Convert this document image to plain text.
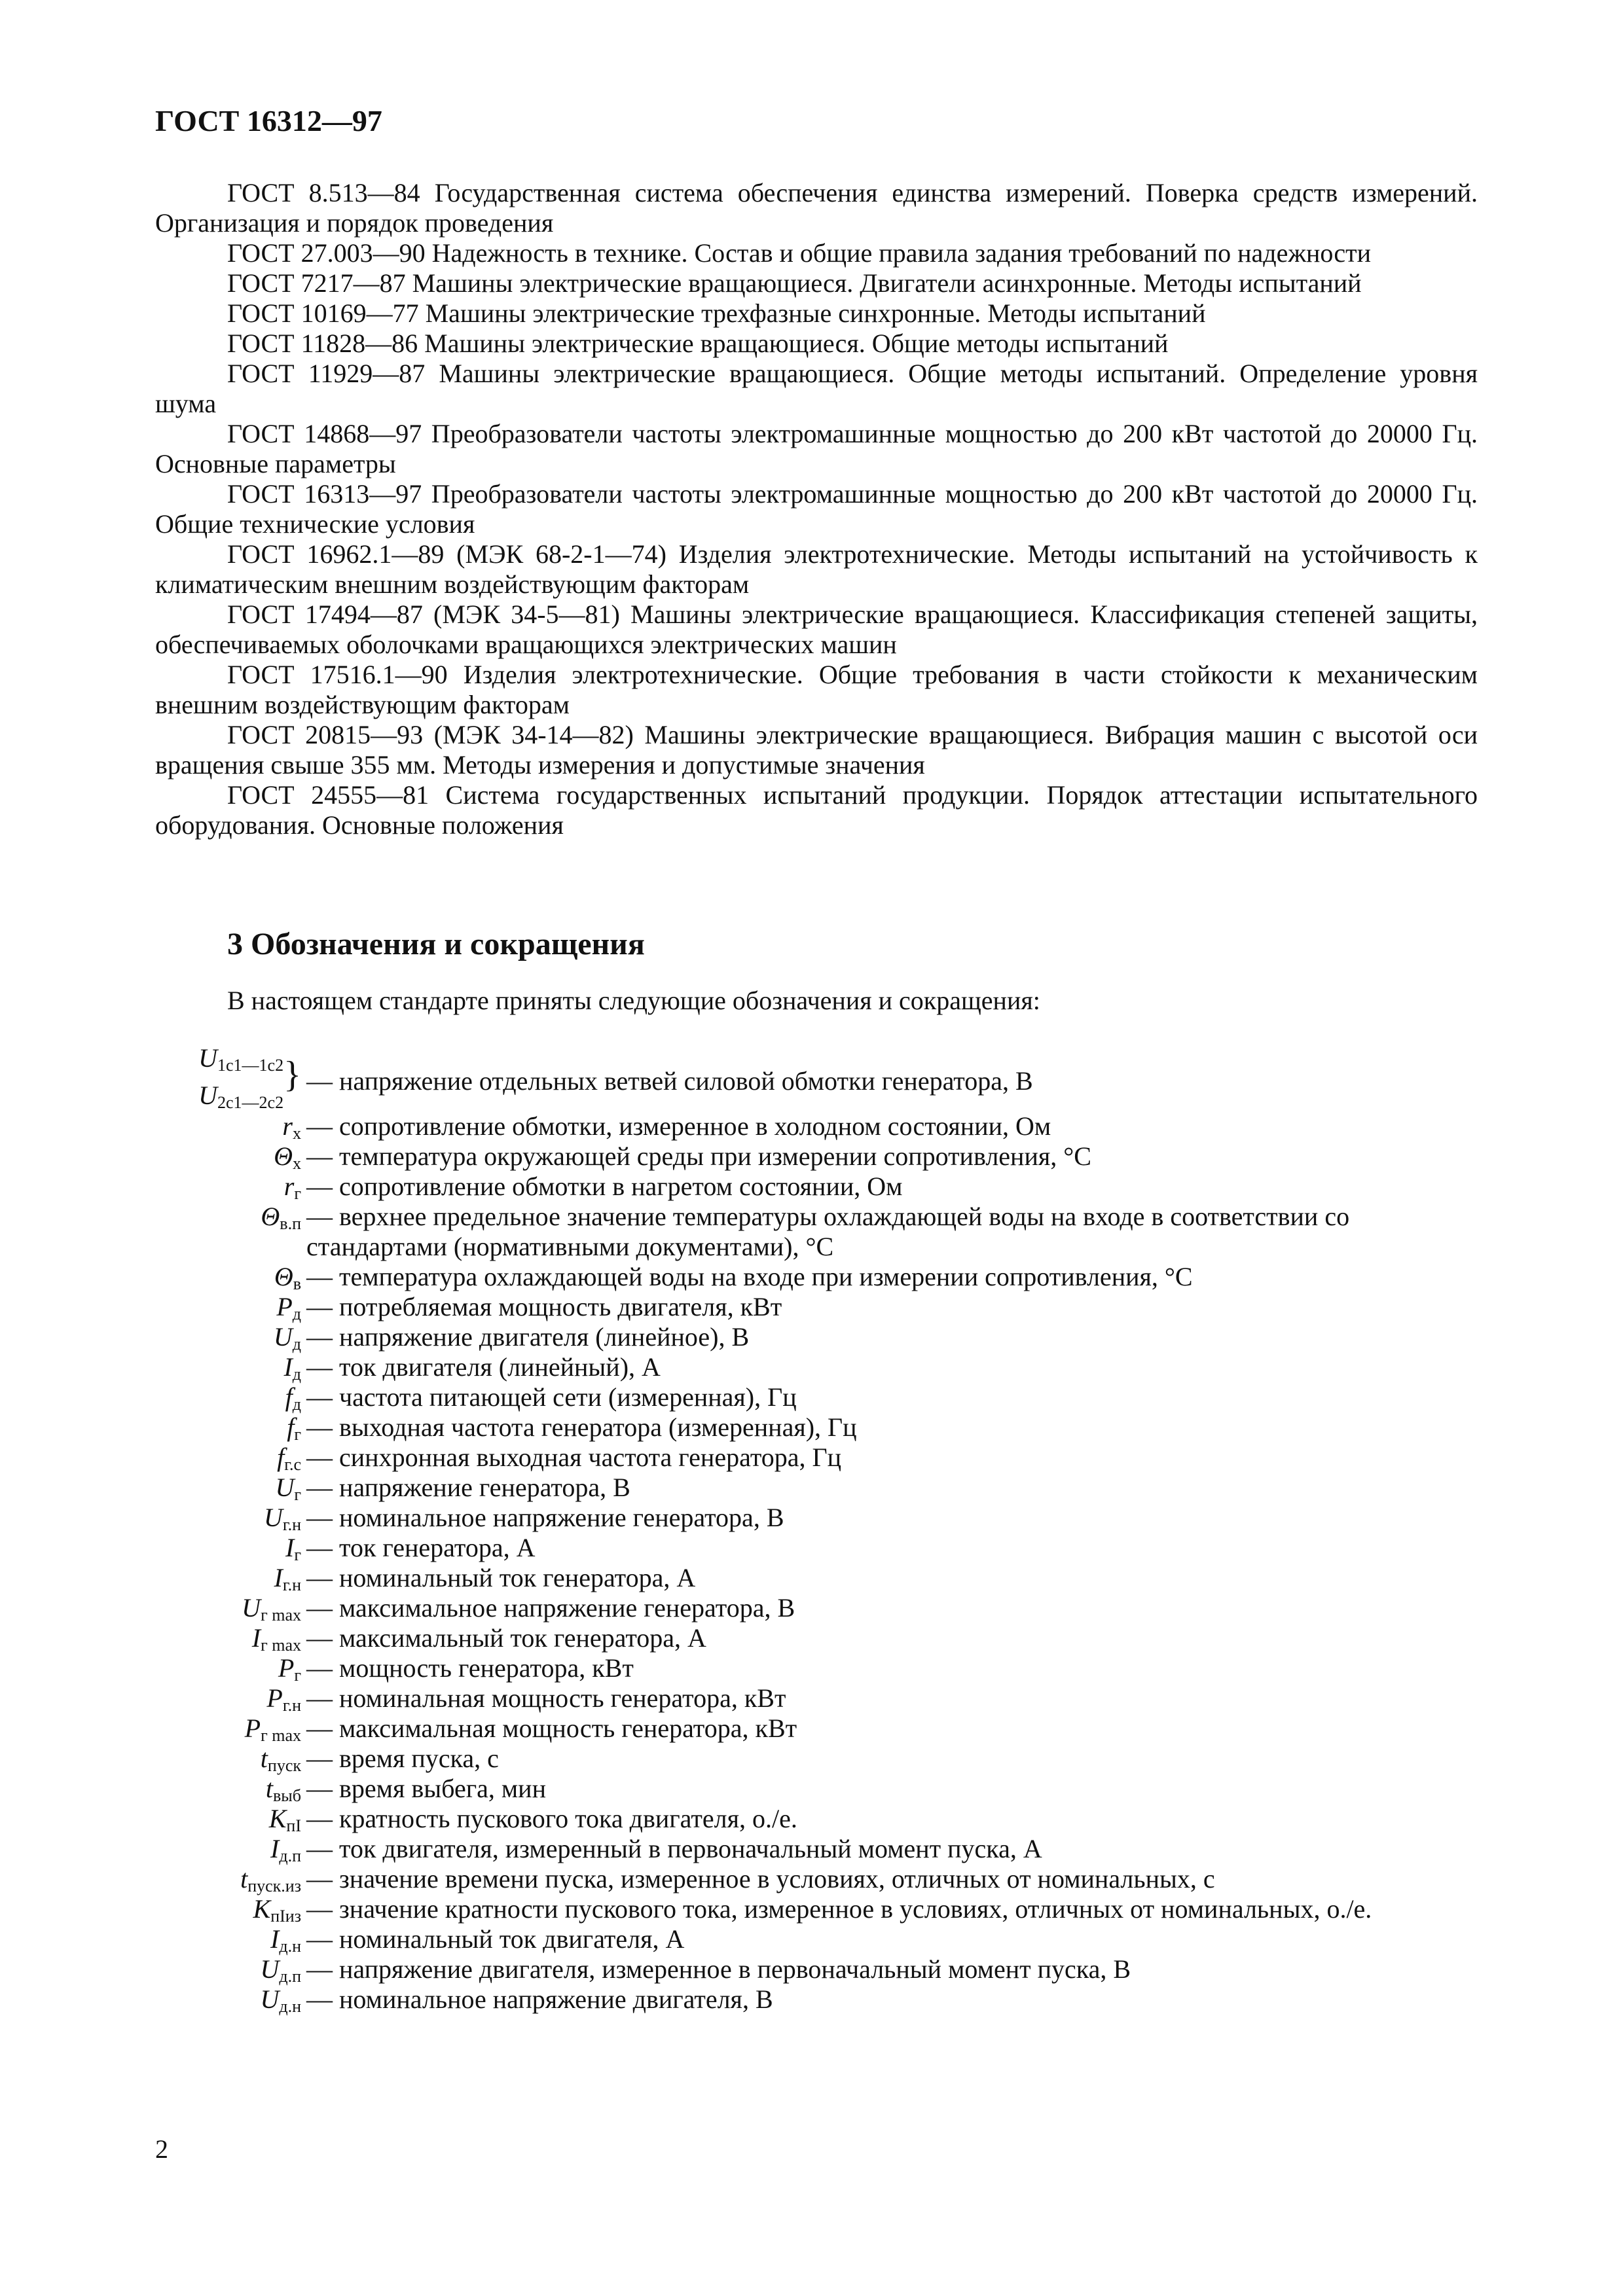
ГОСТ 16312—97

ГОСТ 8.513—84 Государственная система обеспечения единства измерений. Поверка средств измерений. Организация и порядок проведения

ГОСТ 27.003—90 Надежность в технике. Состав и общие правила задания требований по надежности

ГОСТ 7217—87 Машины электрические вращающиеся. Двигатели асинхронные. Методы испытаний

ГОСТ 10169—77 Машины электрические трехфазные синхронные. Методы испытаний

ГОСТ 11828—86 Машины электрические вращающиеся. Общие методы испытаний

ГОСТ 11929—87 Машины электрические вращающиеся. Общие методы испытаний. Определение уровня шума

ГОСТ 14868—97 Преобразователи частоты электромашинные мощностью до 200 кВт частотой до 20000 Гц. Основные параметры

ГОСТ 16313—97 Преобразователи частоты электромашинные мощностью до 200 кВт частотой до 20000 Гц. Общие технические условия

ГОСТ 16962.1—89 (МЭК 68-2-1—74) Изделия электротехнические. Методы испытаний на устойчивость к климатическим внешним воздействующим факторам

ГОСТ 17494—87 (МЭК 34-5—81) Машины электрические вращающиеся. Классификация степеней защиты, обеспечиваемых оболочками вращающихся электрических машин

ГОСТ 17516.1—90 Изделия электротехнические. Общие требования в части стойкости к механическим внешним воздействующим факторам

ГОСТ 20815—93 (МЭК 34-14—82) Машины электрические вращающиеся. Вибрация машин с высотой оси вращения свыше 355 мм. Методы измерения и допустимые значения

ГОСТ 24555—81 Система государственных испытаний продукции. Порядок аттестации испытательного оборудования. Основные положения

3 Обозначения и сокращения
В настоящем стандарте приняты следующие обозначения и сокращения:
$U_{1с1—1с2}$
$U_{2с1—2с2}$} — напряжение отдельных ветвей силовой обмотки генератора, В
$r_х$ — сопротивление обмотки, измеренное в холодном состоянии, Ом
$\Theta_х$ — температура окружающей среды при измерении сопротивления, °С
$r_г$ — сопротивление обмотки в нагретом состоянии, Ом
$\Theta_{в.п}$ — верхнее предельное значение температуры охлаждающей воды на входе в соответствии со стандартами (нормативными документами), °С
$\Theta_в$ — температура охлаждающей воды на входе при измерении сопротивления, °С
$P_д$ — потребляемая мощность двигателя, кВт
$U_д$ — напряжение двигателя (линейное), В
$I_д$ — ток двигателя (линейный), А
$f_д$ — частота питающей сети (измеренная), Гц
$f_г$ — выходная частота генератора (измеренная), Гц
$f_{г.с}$ — синхронная выходная частота генератора, Гц
$U_г$ — напряжение генератора, В
$U_{г.н}$ — номинальное напряжение генератора, В
$I_г$ — ток генератора, А
$I_{г.н}$ — номинальный ток генератора, А
$U_{г max}$ — максимальное напряжение генератора, В
$I_{г max}$ — максимальный ток генератора, А
$P_г$ — мощность генератора, кВт
$P_{г.н}$ — номинальная мощность генератора, кВт
$P_{г max}$ — максимальная мощность генератора, кВт
$t_{пуск}$ — время пуска, с
$t_{выб}$ — время выбега, мин
$K_{пI}$ — кратность пускового тока двигателя, о./е.
$I_{д.п}$ — ток двигателя, измеренный в первоначальный момент пуска, А
$t_{пуск.из}$ — значение времени пуска, измеренное в условиях, отличных от номинальных, с
$K_{пIиз}$ — значение кратности пускового тока, измеренное в условиях, отличных от номинальных, о./е.
$I_{д.н}$ — номинальный ток двигателя, А
$U_{д.п}$ — напряжение двигателя, измеренное в первоначальный момент пуска, В
$U_{д.н}$ — номинальное напряжение двигателя, В
2
